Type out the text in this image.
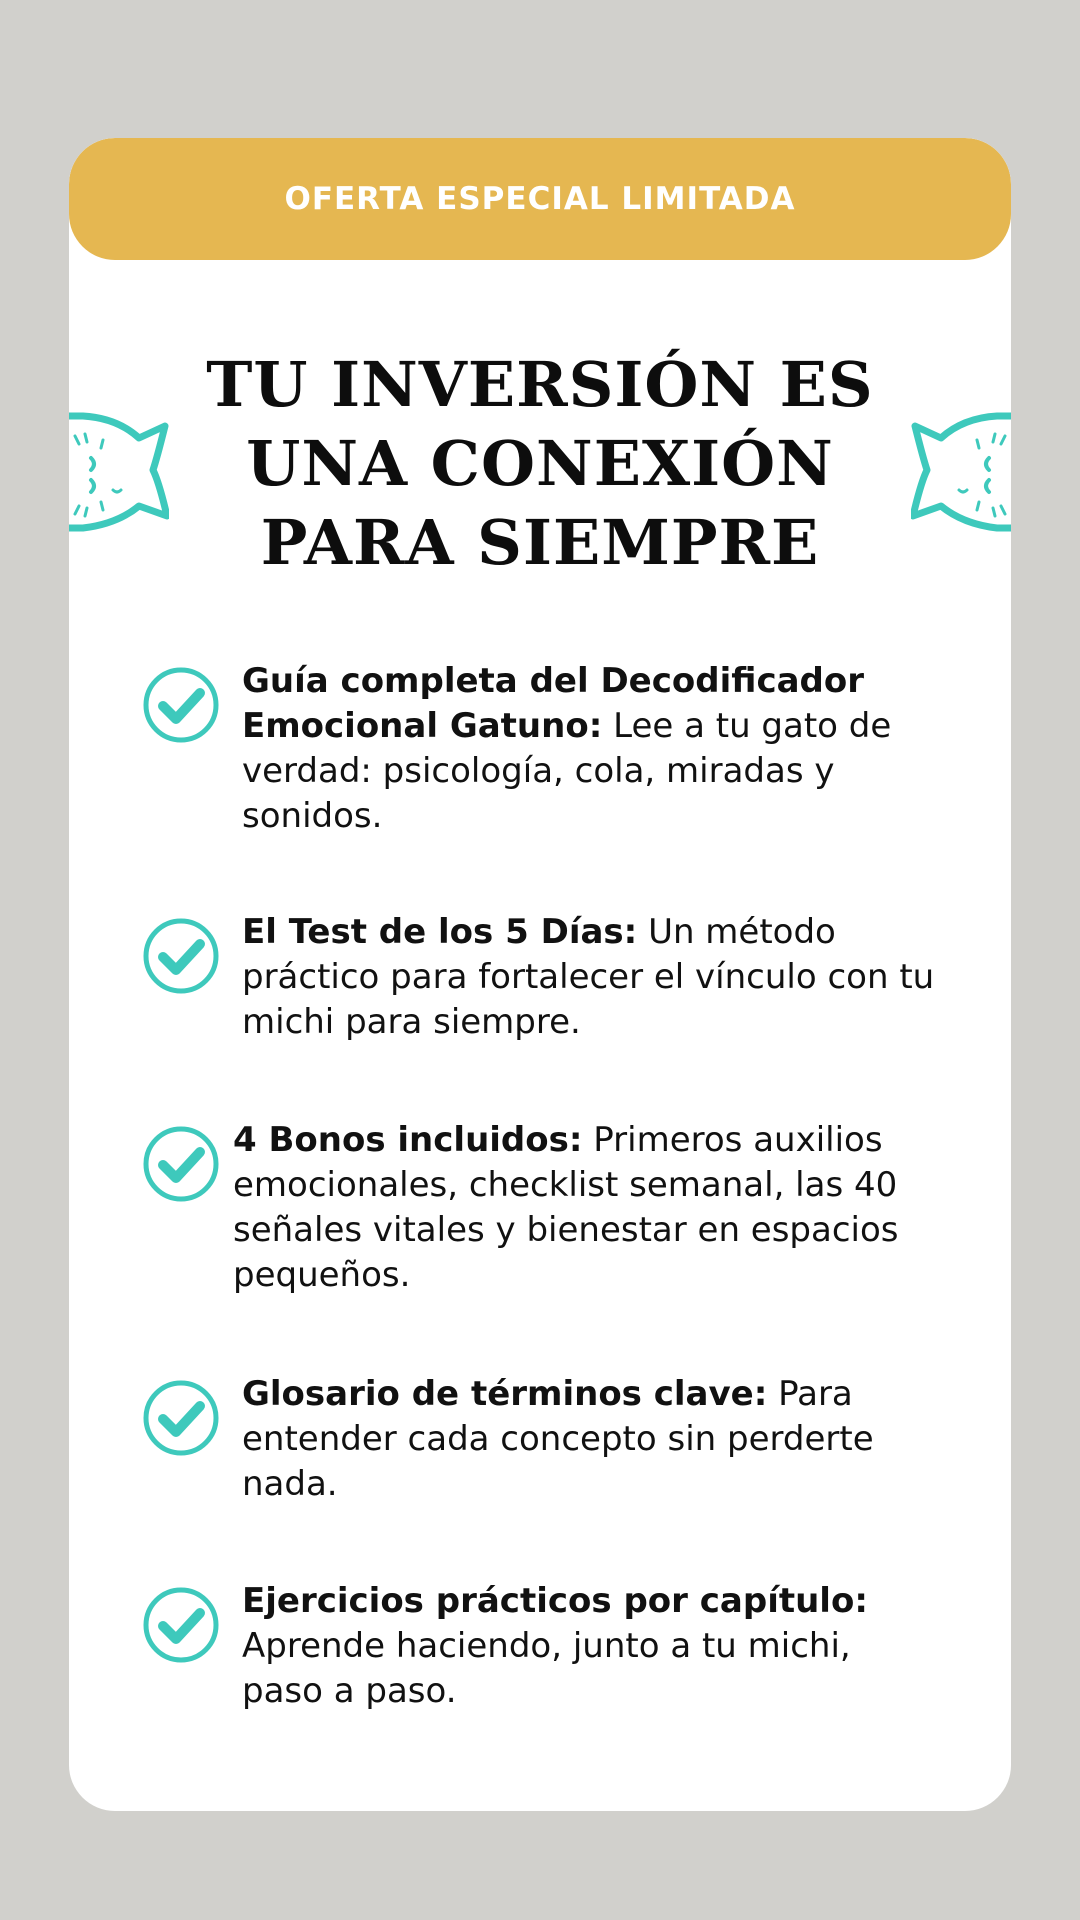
OFERTA ESPECIAL LIMITADA
TU INVERSIÓN ES
UNA CONEXIÓN
PARA SIEMPRE
Guía completa del Decodificador Emocional Gatuno: Lee a tu gato de verdad: psicología, cola, miradas y sonidos.
El Test de los 5 Días: Un método práctico para fortalecer el vínculo con tu michi para siempre.
4 Bonos incluidos: Primeros auxilios emocionales, checklist semanal, las 40 señales vitales y bienestar en espacios pequeños.
Glosario de términos clave: Para entender cada concepto sin perderte nada.
Ejercicios prácticos por capítulo: Aprende haciendo, junto a tu michi, paso a paso.
